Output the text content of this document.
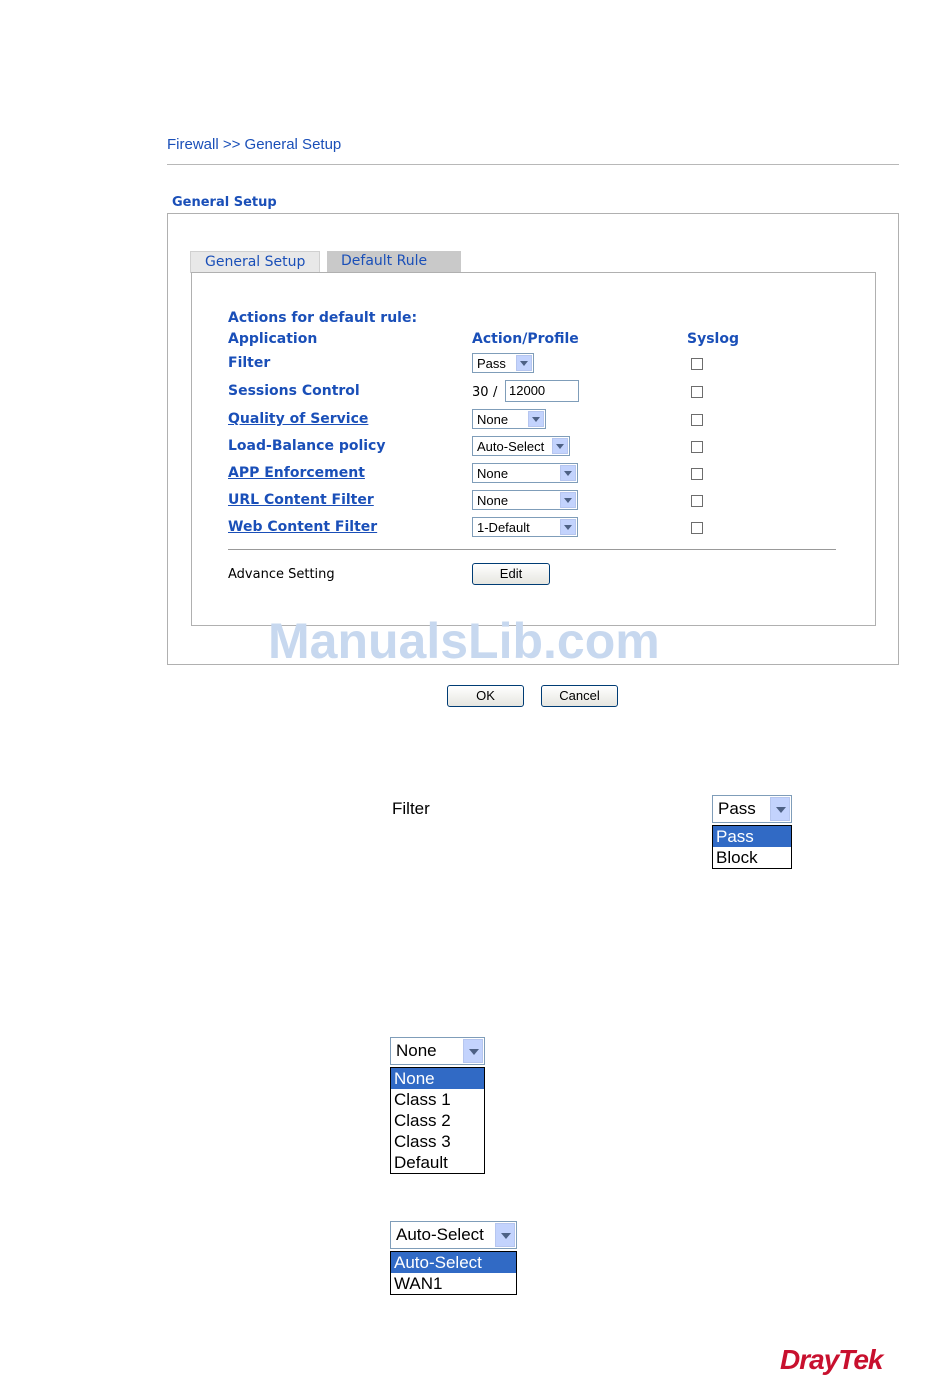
Firewall >> General Setup
General Setup
General Setup	Default Rule
Actions for default rule:
Application	Action/Profile	Syslog
Filter	Pass
Sessions Control	30 / 12000
Quality of Service	None
Load-Balance policy	Auto-Select
APP Enforcement	None
URL Content Filter	None
Web Content Filter	1-Default
Advance Setting	Edit
ManualsLib.com
OK	Cancel
Filter	Pass
Pass
Block
None
None
Class 1
Class 2
Class 3
Default
Auto-Select
Auto-Select
WAN1
DrayTek
